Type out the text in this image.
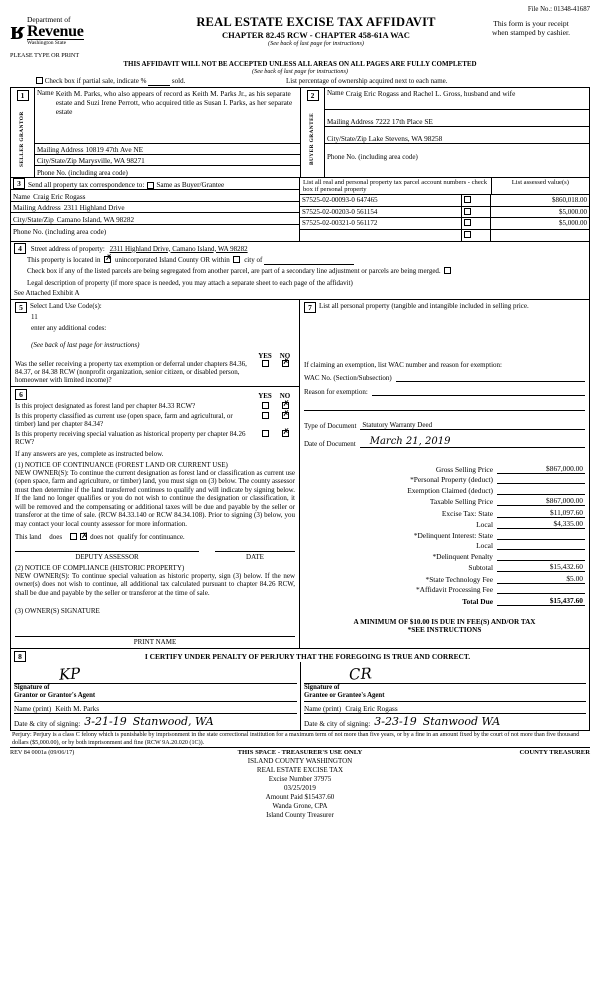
File No.: 01348-41687
ʁ Department of
Revenue
Washington State
PLEASE TYPE OR PRINT
REAL ESTATE EXCISE TAX AFFIDAVIT
CHAPTER 82.45 RCW - CHAPTER 458-61A WAC
(See back of last page for instructions)
This form is your receipt
when stamped by cashier.
THIS AFFIDAVIT WILL NOT BE ACCEPTED UNLESS ALL AREAS ON ALL PAGES ARE FULLY COMPLETED
(See back of last page for instructions)
Check box if partial sale, indicate %	sold.	List percentage of ownership acquired next to each name.
1
SELLER GRANTOR
Name Keith M. Parks, who also appears of record as Keith M. Parks Jr., as his separate estate and Suzi Irene Perrott, who acquired title as Susan I. Parks, as her separate estate
Mailing Address 10819 47th Ave NE
City/State/Zip Marysville, WA 98271
Phone No. (including area code)
2
BUYER GRANTEE
Name Craig Eric Rogass and Rachel L. Gross, husband and wife
Mailing Address 7222 17th Place SE
City/State/Zip Lake Stevens, WA 98258
Phone No. (including area code)
3 Send all property tax correspondence to: Same as Buyer/Grantee
Name Craig Eric Rogass
Mailing Address 2311 Highland Drive
City/State/Zip Camano Island, WA 98282
Phone No. (including area code)
List all real and personal property tax parcel account numbers - check box if personal property
List assessed value(s)
S7525-02-00093-0 647465		$860,018.00
S7525-02-00203-0 561154		$5,000.00
S7525-02-00321-0 561172		$5,000.00

4 Street address of property: 2311 Highland Drive, Camano Island, WA 98282
This property is located in ✗ unincorporated Island County OR within city of
Check box if any of the listed parcels are being segregated from another parcel, are part of a secondary line adjustment or parcels are being merged.
Legal description of property (if more space is needed, you may attach a separate sheet to each page of the affidavit)
See Attached Exhibit A
5	Select Land Use Code(s):
11
enter any additional codes:
(See back of last page for instructions)
YES	NO
Was the seller receiving a property tax exemption or deferral under chapters 84.36, 84.37, or 84.38 RCW (nonprofit organization, senior citizen, or disabled person, homeowner with limited income)?
✗
6	YES	NO
Is this project designated as forest land per chapter 84.33 RCW?
✗
Is this property classified as current use (open space, farm and agricultural, or timber) land per chapter 84.34?
✗
Is this property receiving special valuation as historical property per chapter 84.26 RCW?
✗
If any answers are yes, complete as instructed below.
(1) NOTICE OF CONTINUANCE (FOREST LAND OR CURRENT USE)
NEW OWNER(S): To continue the current designation as forest land or classification as current use (open space, farm and agriculture, or timber) land, you must sign on (3) below. The county assessor must then determine if the land transferred continues to qualify and will indicate by signing below. If the land no longer qualifies or you do not wish to continue the designation or classification, it will be removed and the compensating or additional taxes will be due and payable by the seller or transferor at the time of sale. (RCW 84.33.140 or RCW 84.34.108). Prior to signing (3) below, you may contact your local county assessor for more information.
This land does ✗	does not qualify for continuance.
DEPUTY ASSESSOR	DATE
(2) NOTICE OF COMPLIANCE (HISTORIC PROPERTY)
NEW OWNER(S): To continue special valuation as historic property, sign (3) below. If the new owner(s) does not wish to continue, all additional tax calculated pursuant to chapter 84.26 RCW, shall be due and payable by the seller or transferor at the time of sale.
(3) OWNER(S) SIGNATURE
PRINT NAME
7	List all personal property (tangible and intangible included in selling price.
If claiming an exemption, list WAC number and reason for exemption:
WAC No. (Section/Subsection)
Reason for exemption:
Type of Document Statutory Warranty Deed
Date of Document	March 21, 2019
Gross Selling Price	$867,000.00
*Personal Property (deduct)
Exemption Claimed (deduct)
Taxable Selling Price	$867,000.00
Excise Tax: State	$11,097.60
Local	$4,335.00
*Delinquent Interest: State
Local
*Delinquent Penalty
Subtotal	$15,432.60
*State Technology Fee	$5.00
*Affidavit Processing Fee
Total Due	$15,437.60
A MINIMUM OF $10.00 IS DUE IN FEE(S) AND/OR TAX
*SEE INSTRUCTIONS
8	I CERTIFY UNDER PENALTY OF PERJURY THAT THE FOREGOING IS TRUE AND CORRECT.
KP
Signature of
Grantor or Grantor's Agent
Name (print) Keith M. Parks
Date & city of signing: 3-21-19 Stanwood, WA
CR
Signature of
Grantee or Grantee's Agent
Name (print) Craig Eric Rogass
Date & city of signing: 3-23-19 Stanwood WA
Perjury: Perjury is a class C felony which is punishable by imprisonment in the state correctional institution for a maximum term of not more than five years, or by a fine in an amount fixed by the court of not more than five thousand dollars ($5,000.00), or by both imprisonment and fine (RCW 9A.20.020 (1C)).
REV 84 0001a (09/06/17)	THIS SPACE - TREASURER'S USE ONLY	COUNTY TREASURER
ISLAND COUNTY WASHINGTON
REAL ESTATE EXCISE TAX
Excise Number 37975
03/25/2019
Amount Paid $15437.60
Wanda Grone, CPA
Island County Treasurer
